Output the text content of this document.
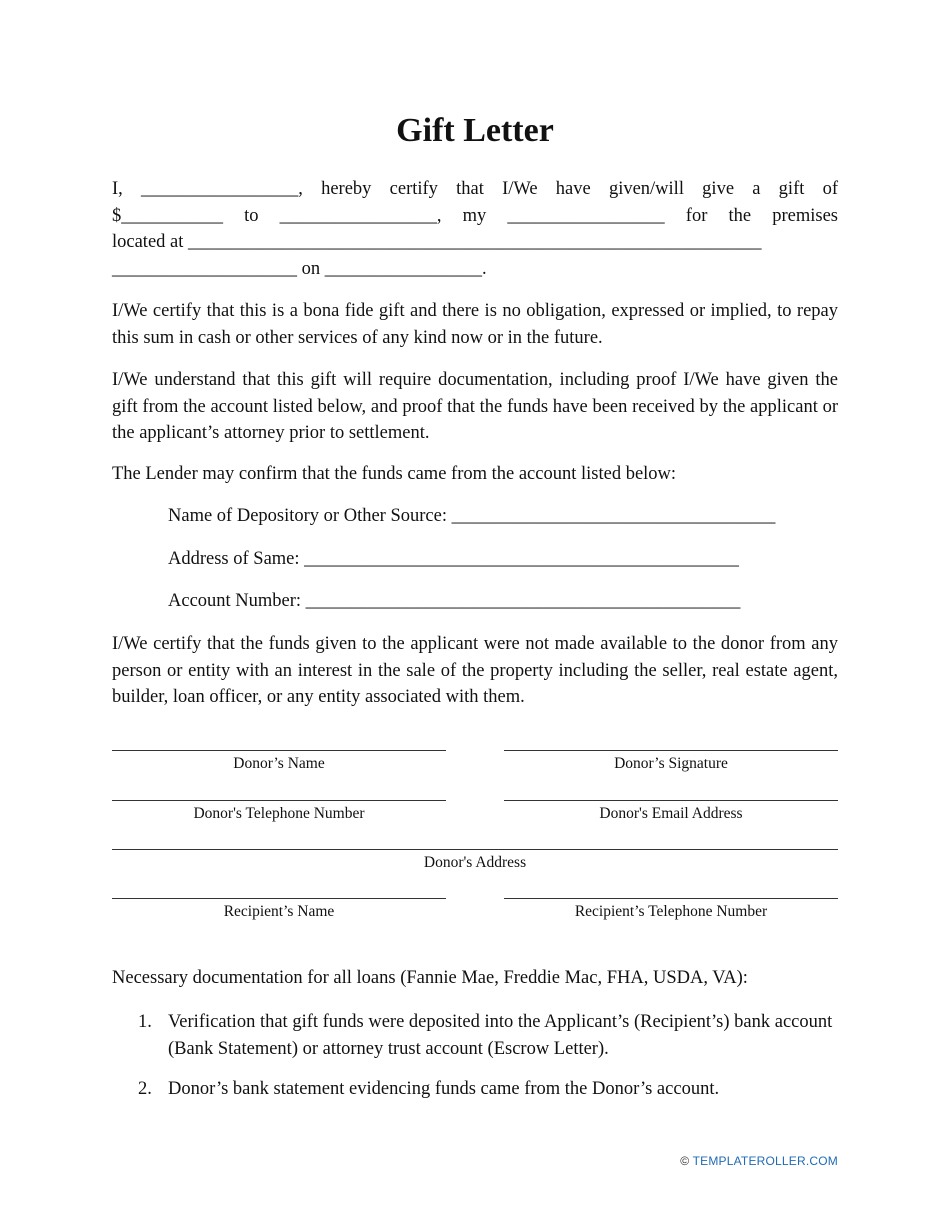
Gift Letter
I, _________________, hereby certify that I/We have given/will give a gift of
$___________ to _________________, my _________________ for the premises
located at ______________________________________________________________
____________________ on _________________.
I/We certify that this is a bona fide gift and there is no obligation, expressed or implied, to repay this sum in cash or other services of any kind now or in the future.
I/We understand that this gift will require documentation, including proof I/We have given the gift from the account listed below, and proof that the funds have been received by the applicant or the applicant’s attorney prior to settlement.
The Lender may confirm that the funds came from the account listed below:
Name of Depository or Other Source: ___________________________________
Address of Same: _______________________________________________
Account Number: _______________________________________________
I/We certify that the funds given to the applicant were not made available to the donor from any person or entity with an interest in the sale of the property including the seller, real estate agent, builder, loan officer, or any entity associated with them.
Donor’s Name	Donor’s Signature
Donor's Telephone Number	Donor's Email Address
Donor's Address
Recipient’s Name	Recipient’s Telephone Number
Necessary documentation for all loans (Fannie Mae, Freddie Mac, FHA, USDA, VA):
1. Verification that gift funds were deposited into the Applicant’s (Recipient’s) bank account (Bank Statement) or attorney trust account (Escrow Letter).
2. Donor’s bank statement evidencing funds came from the Donor’s account.
© TEMPLATEROLLER.COM
